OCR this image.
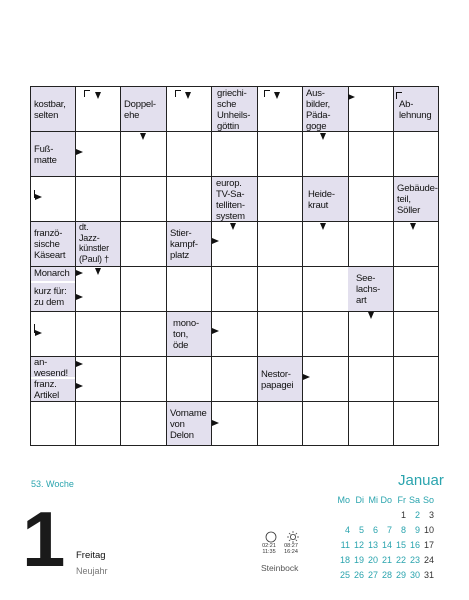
kostbar,
selten
Doppel-
ehe
griechi-
sche
Unheils-
göttin
Aus-
bilder,
Päda-
goge
Ab-
lehnung
Fuß-
matte
europ.
TV-Sa-
telliten-
system
Heide-
kraut
Gebäude-
teil,
Söller
franzö-
sische
Käseart
dt.
Jazz-
künstler
(Paul) †
Stier-
kampf-
platz
Monarch	See-
lachs-
art
kurz für:
zu dem
mono-
ton,
öde
an-
wesend!	Nestor-
papagei
franz.
Artikel
Vorname
von
Delon
53. Woche
1 Freitag
Neujahr
02:21
11:35
08:27
16:24
Steinbock
Januar
Mo Di Mi Do Fr Sa So
1 2 3
4 5 6 7 8 9 10
11 12 13 14 15 16 17
18 19 20 21 22 23 24
25 26 27 28 29 30 31
